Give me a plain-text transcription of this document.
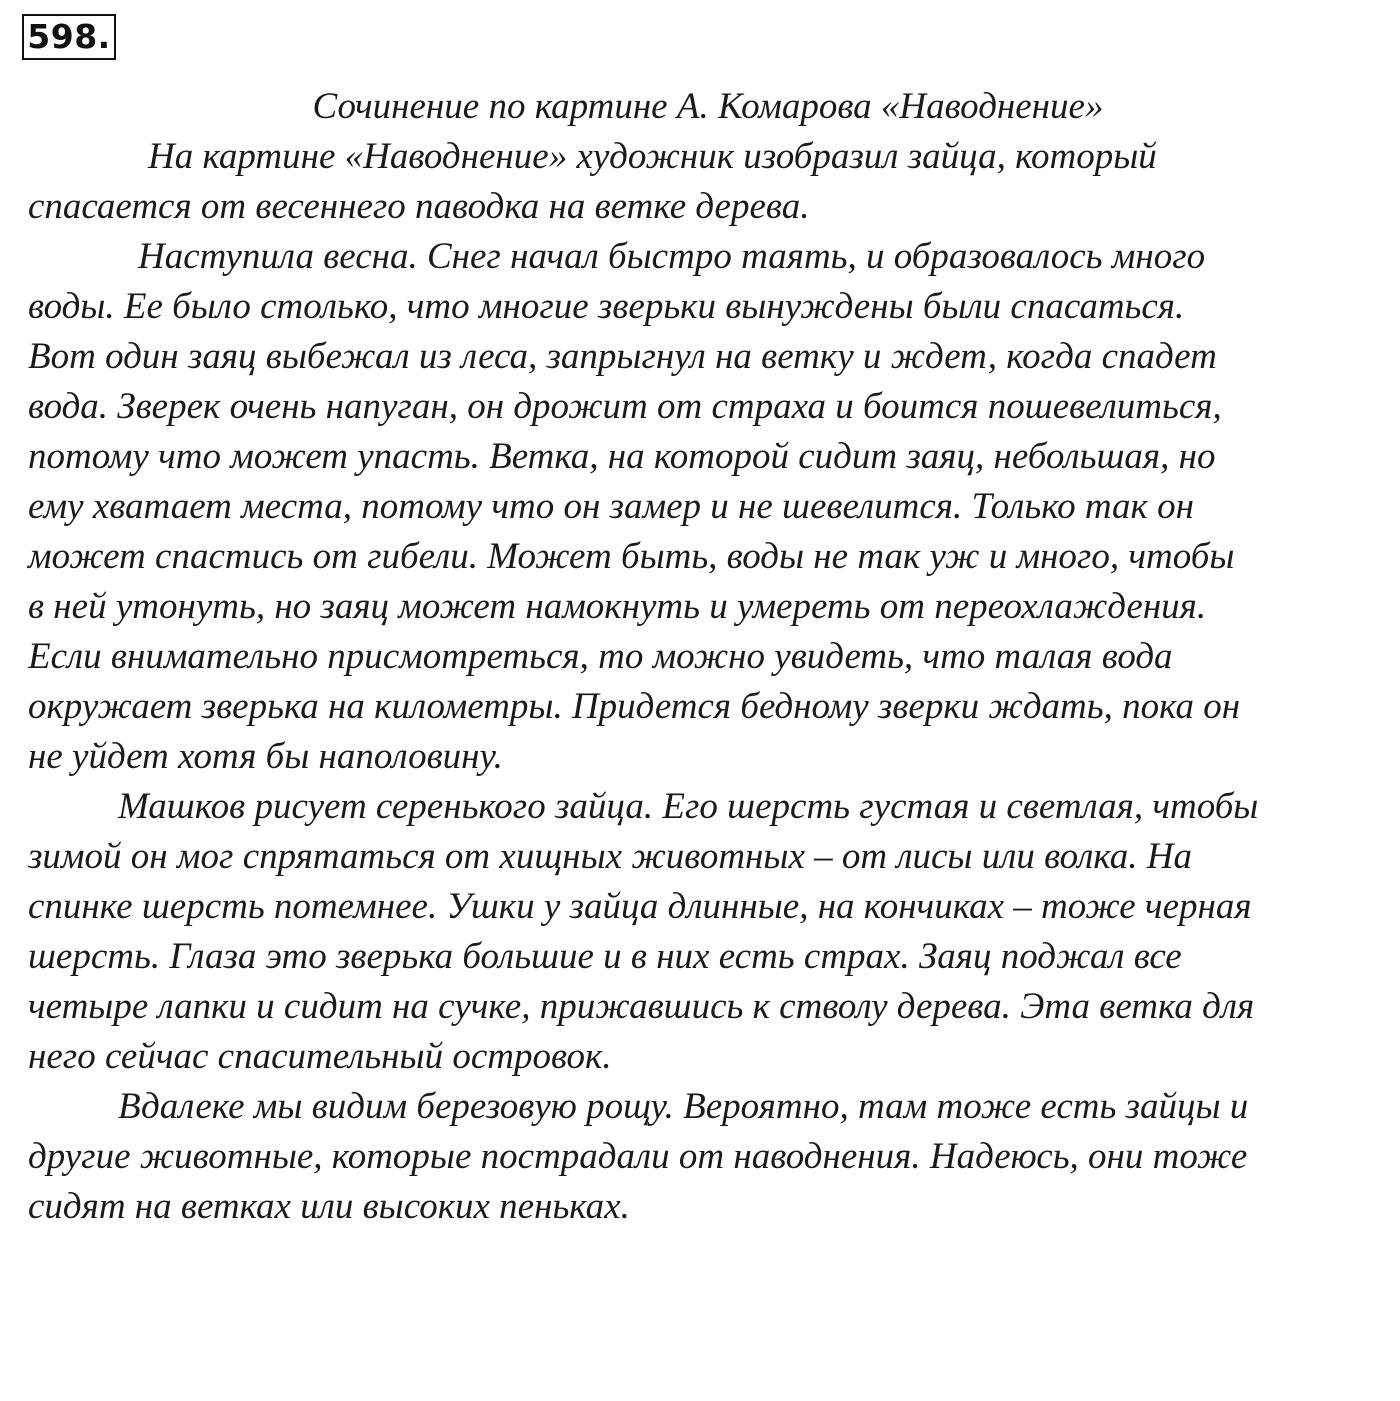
598.
Сочинение по картине А. Комарова «Наводнение»
На картине «Наводнение» художник изобразил зайца, который
спасается от весеннего паводка на ветке дерева.
Наступила весна. Снег начал быстро таять, и образовалось много
воды. Ее было столько, что многие зверьки вынуждены были спасаться.
Вот один заяц выбежал из леса, запрыгнул на ветку и ждет, когда спадет
вода. Зверек очень напуган, он дрожит от страха и боится пошевелиться,
потому что может упасть. Ветка, на которой сидит заяц, небольшая, но
ему хватает места, потому что он замер и не шевелится. Только так он
может спастись от гибели. Может быть, воды не так уж и много, чтобы
в ней утонуть, но заяц может намокнуть и умереть от переохлаждения.
Если внимательно присмотреться, то можно увидеть, что талая вода
окружает зверька на километры. Придется бедному зверки ждать, пока он
не уйдет хотя бы наполовину.
Машков рисует серенького зайца. Его шерсть густая и светлая, чтобы
зимой он мог спрятаться от хищных животных – от лисы или волка. На
спинке шерсть потемнее. Ушки у зайца длинные, на кончиках – тоже черная
шерсть. Глаза это зверька большие и в них есть страх. Заяц поджал все
четыре лапки и сидит на сучке, прижавшись к стволу дерева. Эта ветка для
него сейчас спасительный островок.
Вдалеке мы видим березовую рощу. Вероятно, там тоже есть зайцы и
другие животные, которые пострадали от наводнения. Надеюсь, они тоже
сидят на ветках или высоких пеньках.
